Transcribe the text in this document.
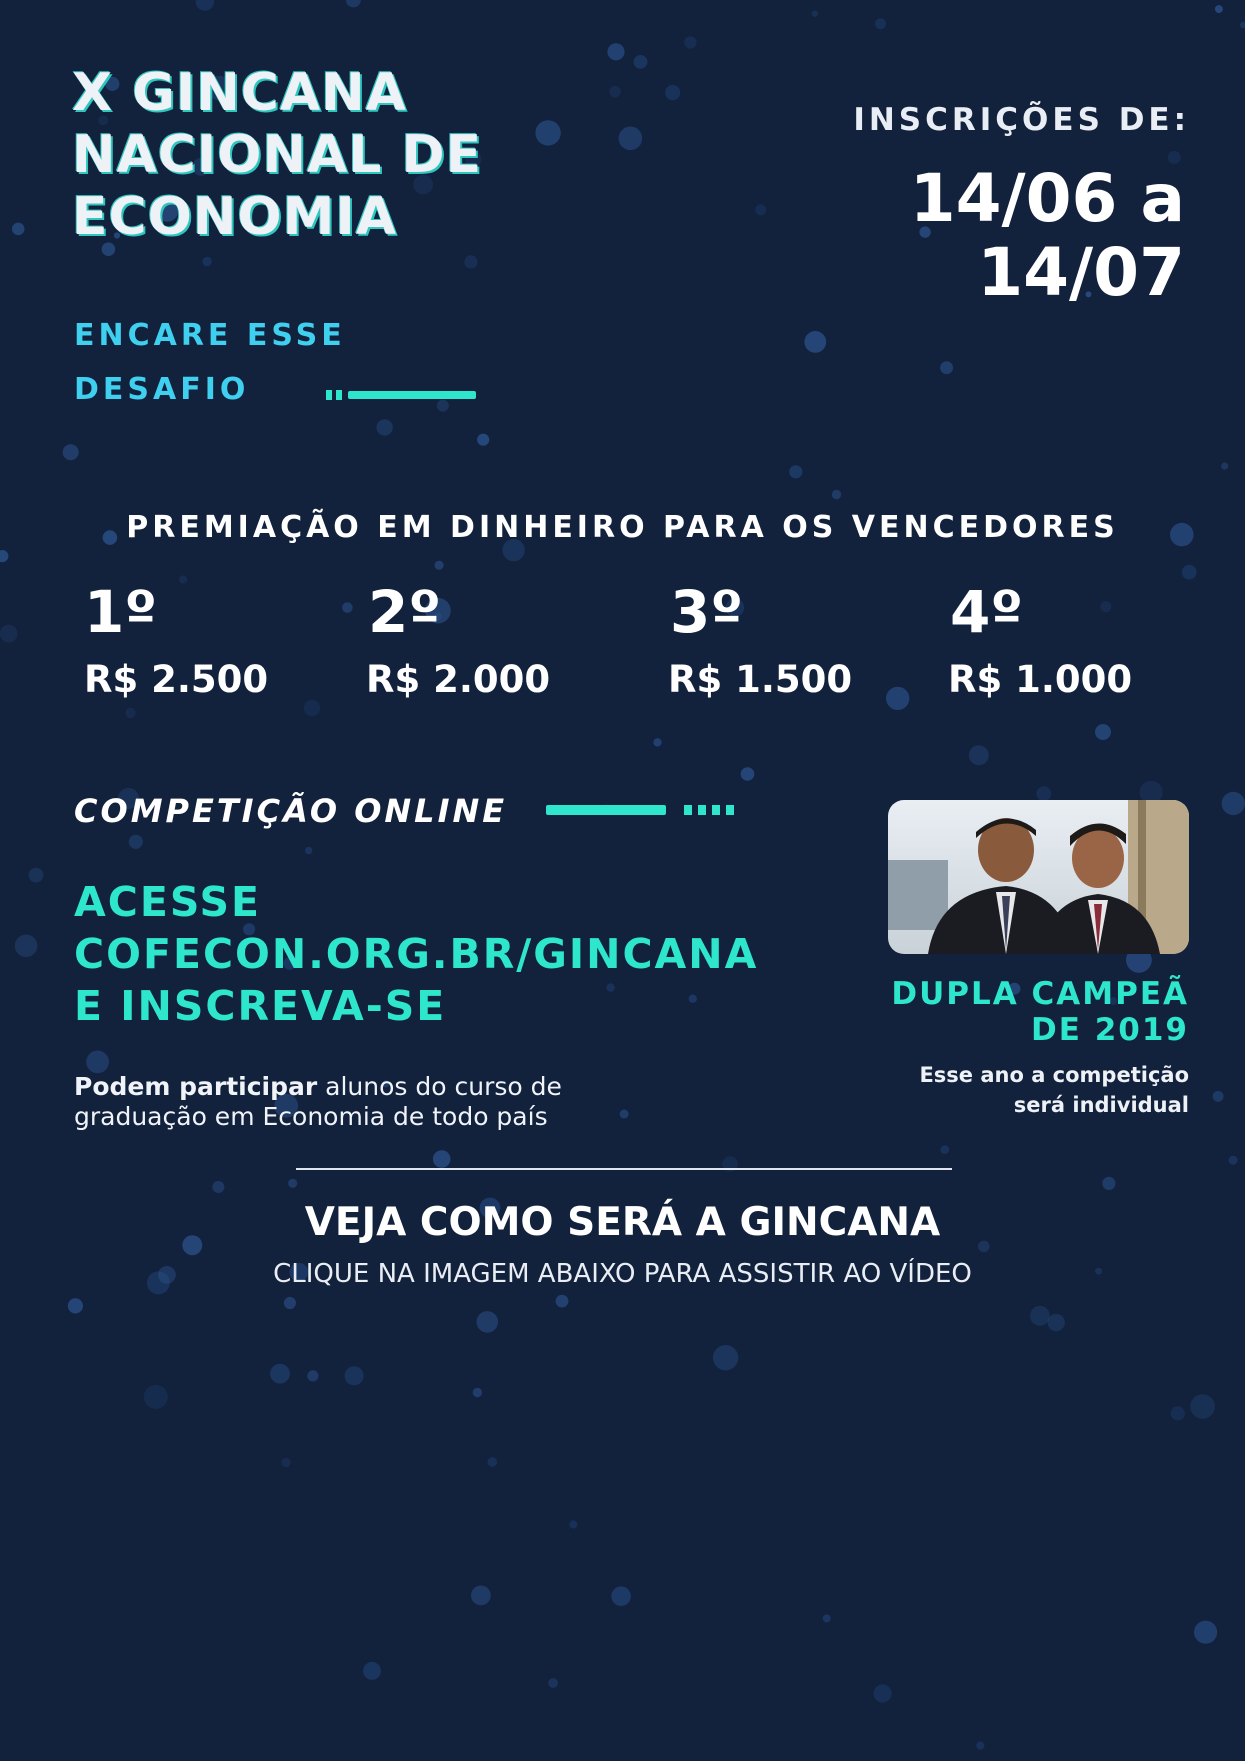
X GINCANA
NACIONAL DE
ECONOMIA
ENCARE ESSE
DESAFIO
INSCRIÇÕES DE:
14/06 a
14/07
PREMIAÇÃO EM DINHEIRO PARA OS VENCEDORES
1º
R$ 2.500
2º
R$ 2.000
3º
R$ 1.500
4º
R$ 1.000
COMPETIÇÃO ONLINE
ACESSE
COFECON.ORG.BR/GINCANA
E INSCREVA-SE
Podem participar alunos do curso de
graduação em Economia de todo país
DUPLA CAMPEÃ
DE 2019
Esse ano a competição
será individual
VEJA COMO SERÁ A GINCANA
CLIQUE NA IMAGEM ABAIXO PARA ASSISTIR AO VÍDEO
